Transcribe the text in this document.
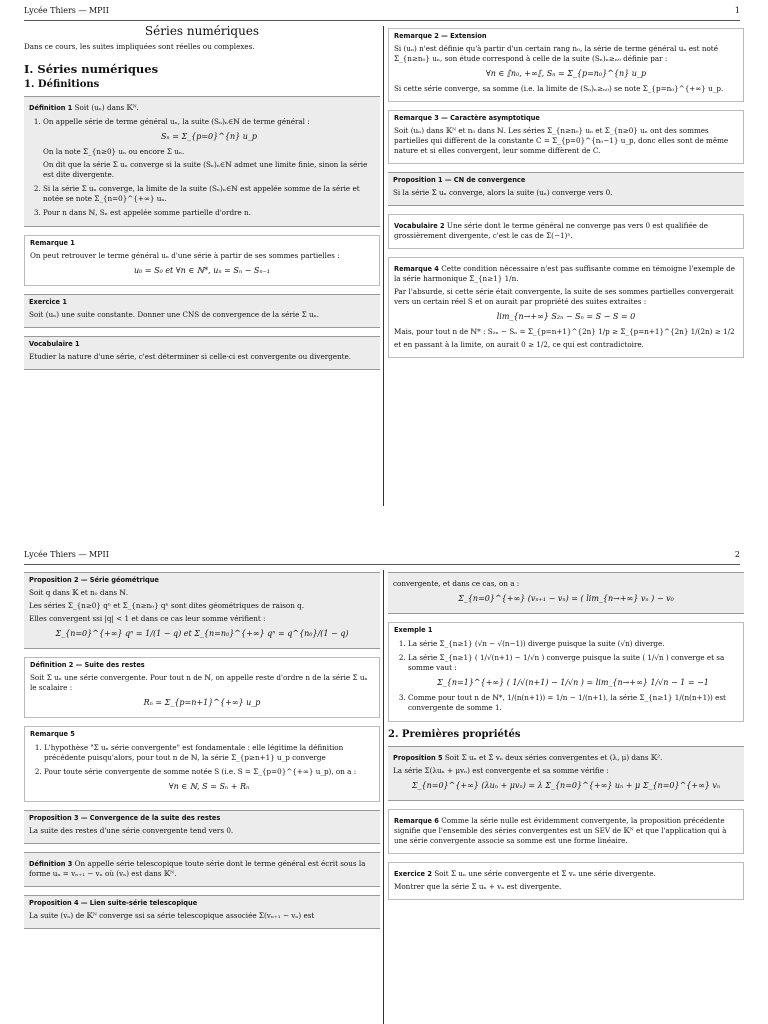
Lycée Thiers — MPII	1
Séries numériques

Dans ce cours, les suites impliquées sont réelles ou complexes.

I. Séries numériques
1. Définitions

Définition 1 Soit (uₙ) dans 𝕂ᴺ.

1. On appelle série de terme général uₙ, la suite (Sₙ)ₙ∈ℕ de terme général :
Sₙ = Σ_{p=0}^{n} u_p

On la note Σ_{n≥0} uₙ ou encore Σ uₙ.

On dit que la série Σ uₙ converge si la suite (Sₙ)ₙ∈ℕ admet une limite finie, sinon la série est dite divergente.

2. Si la série Σ uₙ converge, la limite de la suite (Sₙ)ₙ∈ℕ est appelée somme de la série et notée se note Σ_{n=0}^{+∞} uₙ.
3. Pour n dans ℕ, Sₙ est appelée somme partielle d'ordre n.
Remarque 1

On peut retrouver le terme général uₙ d'une série à partir de ses sommes partielles :

u₀ = S₀ et ∀n ∈ ℕ*, uₙ = Sₙ − Sₙ₋₁
Exercice 1

Soit (uₙ) une suite constante. Donner une CNS de convergence de la série Σ uₙ.

Vocabulaire 1

Etudier la nature d'une série, c'est déterminer si celle-ci est convergente ou divergente.

Remarque 2 — Extension

Si (uₙ) n'est définie qu'à partir d'un certain rang n₀, la série de terme général uₙ est noté Σ_{n≥n₀} uₙ, son étude correspond à celle de la suite (Sₙ)ₙ≥ₙ₀ définie par :

∀n ∈ ⟦n₀, +∞⟦, Sₙ = Σ_{p=n₀}^{n} u_p

Si cette série converge, sa somme (i.e. la limite de (Sₙ)ₙ≥ₙ₀) se note Σ_{p=n₀}^{+∞} u_p.

Remarque 3 — Caractère asymptotique

Soit (uₙ) dans 𝕂ᴺ et n₀ dans ℕ. Les séries Σ_{n≥n₀} uₙ et Σ_{n≥0} uₙ ont des sommes partielles qui diffèrent de la constante C = Σ_{p=0}^{n₀−1} u_p, donc elles sont de même nature et si elles convergent, leur somme diffèrent de C.

Proposition 1 — CN de convergence

Si la série Σ uₙ converge, alors la suite (uₙ) converge vers 0.

Vocabulaire 2 Une série dont le terme général ne converge pas vers 0 est qualifiée de grossièrement divergente, c'est le cas de Σ(−1)ⁿ.

Remarque 4 Cette condition nécessaire n'est pas suffisante comme en témoigne l'exemple de la série harmonique Σ_{n≥1} 1/n.

Par l'absurde, si cette série était convergente, la suite de ses sommes partielles convergerait vers un certain réel S et on aurait par propriété des suites extraites :

lim_{n→+∞} S₂ₙ − Sₙ = S − S = 0

Mais, pour tout n de ℕ* : S₂ₙ − Sₙ = Σ_{p=n+1}^{2n} 1/p ≥ Σ_{p=n+1}^{2n} 1/(2n) ≥ 1/2

et en passant à la limite, on aurait 0 ≥ 1/2, ce qui est contradictoire.

Lycée Thiers — MPII	2
Proposition 2 — Série géométrique

Soit q dans 𝕂 et n₀ dans ℕ.

Les séries Σ_{n≥0} qⁿ et Σ_{n≥n₀} qⁿ sont dites géométriques de raison q.

Elles convergent ssi |q| < 1 et dans ce cas leur somme vérifient :

Σ_{n=0}^{+∞} qⁿ = 1/(1 − q) et Σ_{n=n₀}^{+∞} qⁿ = q^{n₀}/(1 − q)
Définition 2 — Suite des restes

Soit Σ uₙ une série convergente. Pour tout n de ℕ, on appelle reste d'ordre n de la série Σ uₙ le scalaire :

Rₙ = Σ_{p=n+1}^{+∞} u_p
Remarque 5
1. L'hypothèse "Σ uₙ série convergente" est fondamentale : elle légitime la définition précédente puisqu'alors, pour tout n de ℕ, la série Σ_{p≥n+1} u_p converge
2. Pour toute série convergente de somme notée S (i.e. S = Σ_{p=0}^{+∞} u_p), on a :
∀n ∈ ℕ, S = Sₙ + Rₙ
Proposition 3 — Convergence de la suite des restes

La suite des restes d'une série convergente tend vers 0.

Définition 3 On appelle série telescopique toute série dont le terme général est écrit sous la forme uₙ = vₙ₊₁ − vₙ où (vₙ) est dans 𝕂ᴺ.

Proposition 4 — Lien suite-série telescopique

La suite (vₙ) de 𝕂ᴺ converge ssi sa série telescopique associée Σ(vₙ₊₁ − vₙ) est

convergente, et dans ce cas, on a :

Σ_{n=0}^{+∞} (vₙ₊₁ − vₙ) = ( lim_{n→+∞} vₙ ) − v₀
Exemple 1
1. La série Σ_{n≥1} (√n − √(n−1)) diverge puisque la suite (√n) diverge.
2. La série Σ_{n≥1} ( 1/√(n+1) − 1/√n ) converge puisque la suite ( 1/√n ) converge et sa somme vaut :
Σ_{n=1}^{+∞} ( 1/√(n+1) − 1/√n ) = lim_{n→+∞} 1/√n − 1 = −1
3. Comme pour tout n de ℕ*, 1/(n(n+1)) = 1/n − 1/(n+1), la série Σ_{n≥1} 1/(n(n+1)) est convergente de somme 1.
2. Premières propriétés

Proposition 5 Soit Σ uₙ et Σ vₙ deux séries convergentes et (λ, μ) dans 𝕂².

La série Σ(λuₙ + μvₙ) est convergente et sa somme vérifie :

Σ_{n=0}^{+∞} (λuₙ + μvₙ) = λ Σ_{n=0}^{+∞} uₙ + μ Σ_{n=0}^{+∞} vₙ

Remarque 6 Comme la série nulle est évidemment convergente, la proposition précédente signifie que l'ensemble des séries convergentes est un SEV de 𝕂ᴺ et que l'application qui à une série convergente associe sa somme est une forme linéaire.

Exercice 2 Soit Σ uₙ une série convergente et Σ vₙ une série divergente.

Montrer que la série Σ uₙ + vₙ est divergente.
